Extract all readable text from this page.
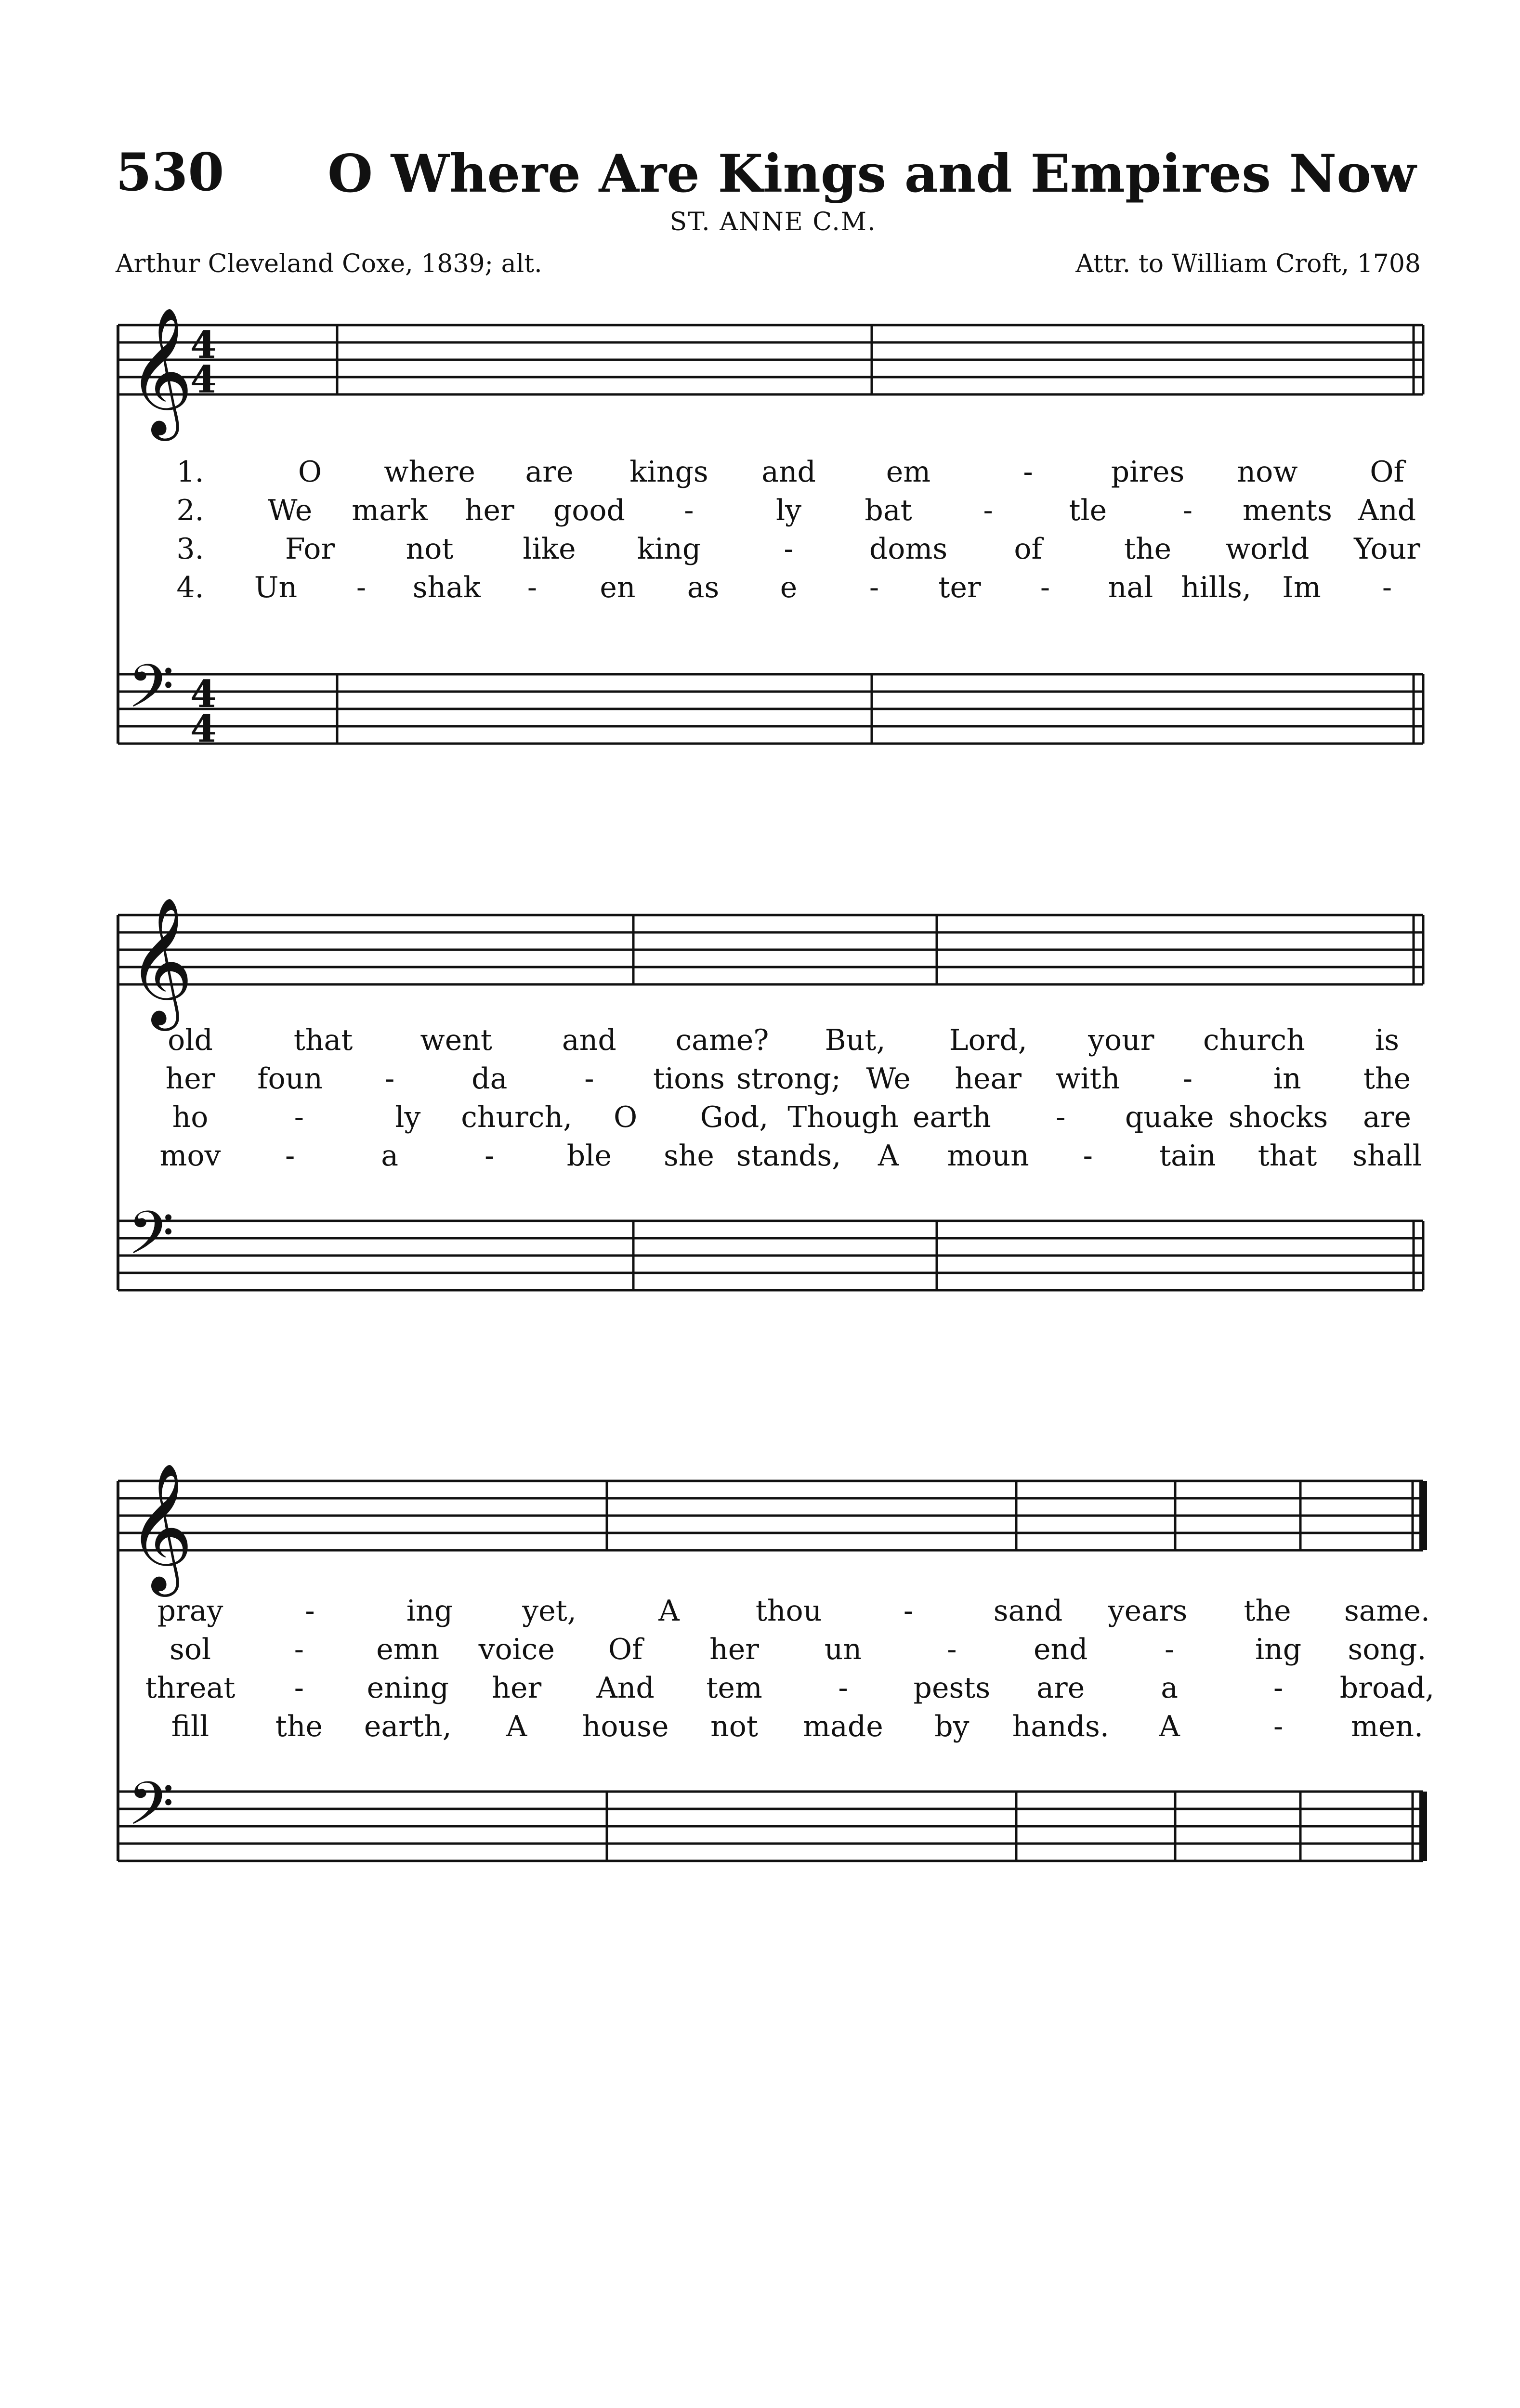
530 O Where Are Kings and Empires Now
ST. ANNE C.M.
Arthur Cleveland Coxe, 1839; alt.	Attr. to William Croft, 1708
𝄞
𝄢
4
4
4
4
1.	O where are kings and em	-	pires now Of
2. We mark her good -	ly bat -	tle	- ments And
3.	For not like king	-	doms of	the world Your
4. Un - shak - en as e - ter - nal hills, Im -
𝄞
𝄢
old	that went and came? But, Lord, your church is
her foun -	da	- tions strong; We hear with -	in the
ho	-	ly church, O God, Though earth - quake shocks are
mov -	a	-	ble she stands, A moun - tain that shall
𝄞
𝄢
pray	-	ing yet,	A	thou	-	sand years the same.
sol	-	emn voice Of her un	-	end	-	ing song.
threat - ening her And tem	- pests are	a	- broad,
fill the earth, A house not made by hands. A	- men.
